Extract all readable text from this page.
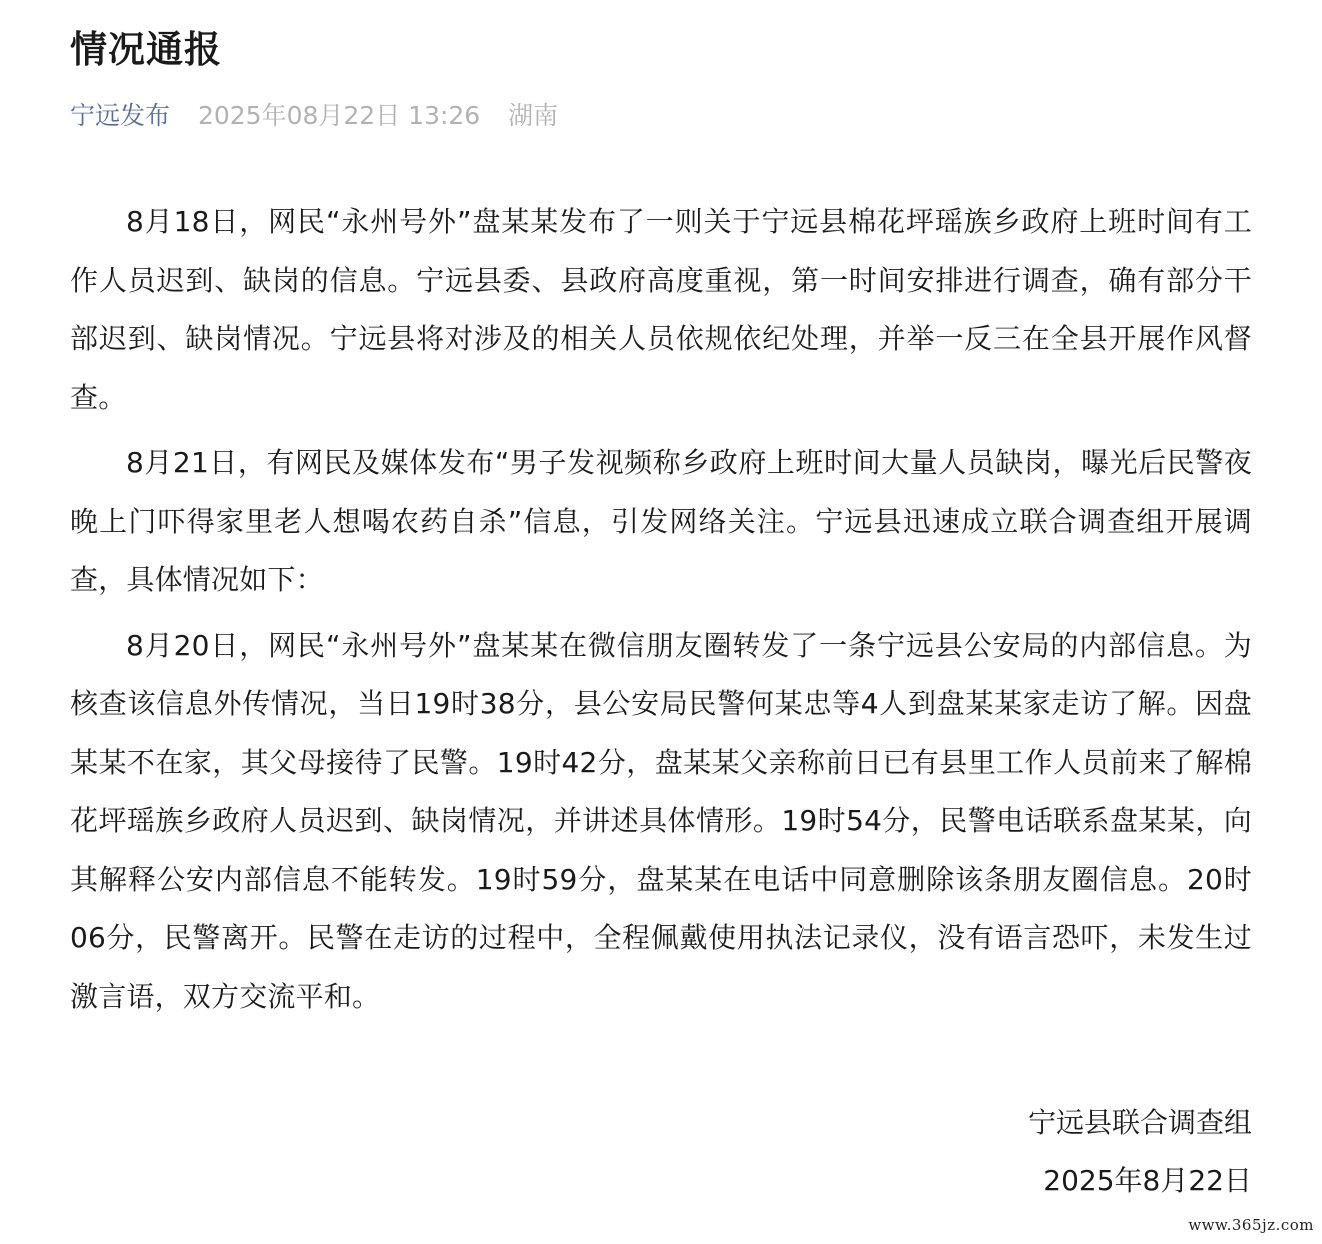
情况通报
宁远发布 2025年08月22日 13:26 湖南

8月18日，网民“永州号外”盘某某发布了一则关于宁远县棉花坪瑶族乡政府上班时间有工作人员迟到、缺岗的信息。宁远县委、县政府高度重视，第一时间安排进行调查，确有部分干部迟到、缺岗情况。宁远县将对涉及的相关人员依规依纪处理，并举一反三在全县开展作风督查。

8月21日，有网民及媒体发布“男子发视频称乡政府上班时间大量人员缺岗，曝光后民警夜晚上门吓得家里老人想喝农药自杀”信息，引发网络关注。宁远县迅速成立联合调查组开展调查，具体情况如下：

8月20日，网民“永州号外”盘某某在微信朋友圈转发了一条宁远县公安局的内部信息。为核查该信息外传情况，当日19时38分，县公安局民警何某忠等4人到盘某某家走访了解。因盘某某不在家，其父母接待了民警。19时42分，盘某某父亲称前日已有县里工作人员前来了解棉花坪瑶族乡政府人员迟到、缺岗情况，并讲述具体情形。19时54分，民警电话联系盘某某，向其解释公安内部信息不能转发。19时59分，盘某某在电话中同意删除该条朋友圈信息。20时06分，民警离开。民警在走访的过程中，全程佩戴使用执法记录仪，没有语言恐吓，未发生过激言语，双方交流平和。

宁远县联合调查组
2025年8月22日
www.365jz.com
